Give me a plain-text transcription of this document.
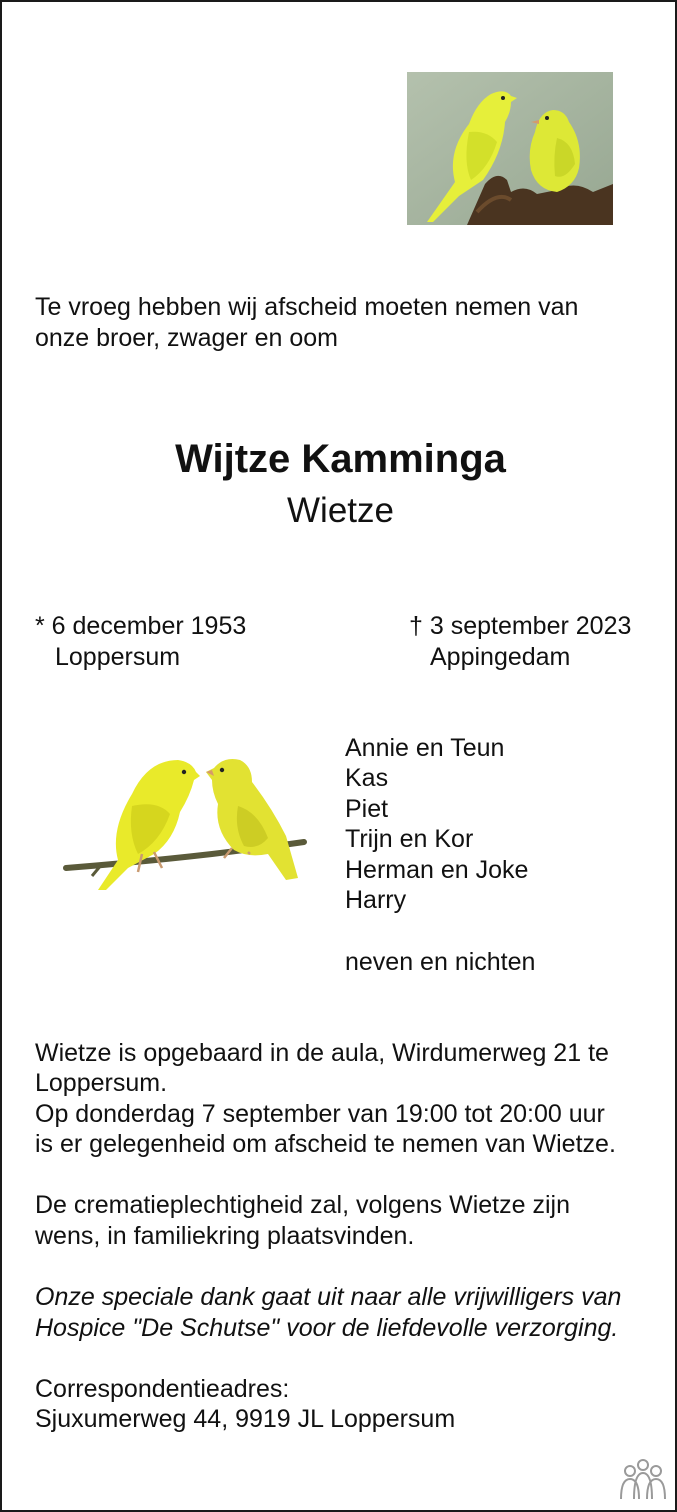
Te vroeg hebben wij afscheid moeten nemen van
onze broer, zwager en oom
Wijtze Kamminga
Wietze
* 6 december 1953
Loppersum
† 3 september 2023
Appingedam
Annie en Teun
Kas
Piet
Trijn en Kor
Herman en Joke
Harry
neven en nichten
Wietze is opgebaard in de aula, Wirdumerweg 21 te
Loppersum.
Op donderdag 7 september van 19:00 tot 20:00 uur
is er gelegenheid om afscheid te nemen van Wietze.
De crematieplechtigheid zal, volgens Wietze zijn
wens, in familiekring plaatsvinden.
Onze speciale dank gaat uit naar alle vrijwilligers van
Hospice "De Schutse" voor de liefdevolle verzorging.
Correspondentieadres:
Sjuxumerweg 44, 9919 JL Loppersum
